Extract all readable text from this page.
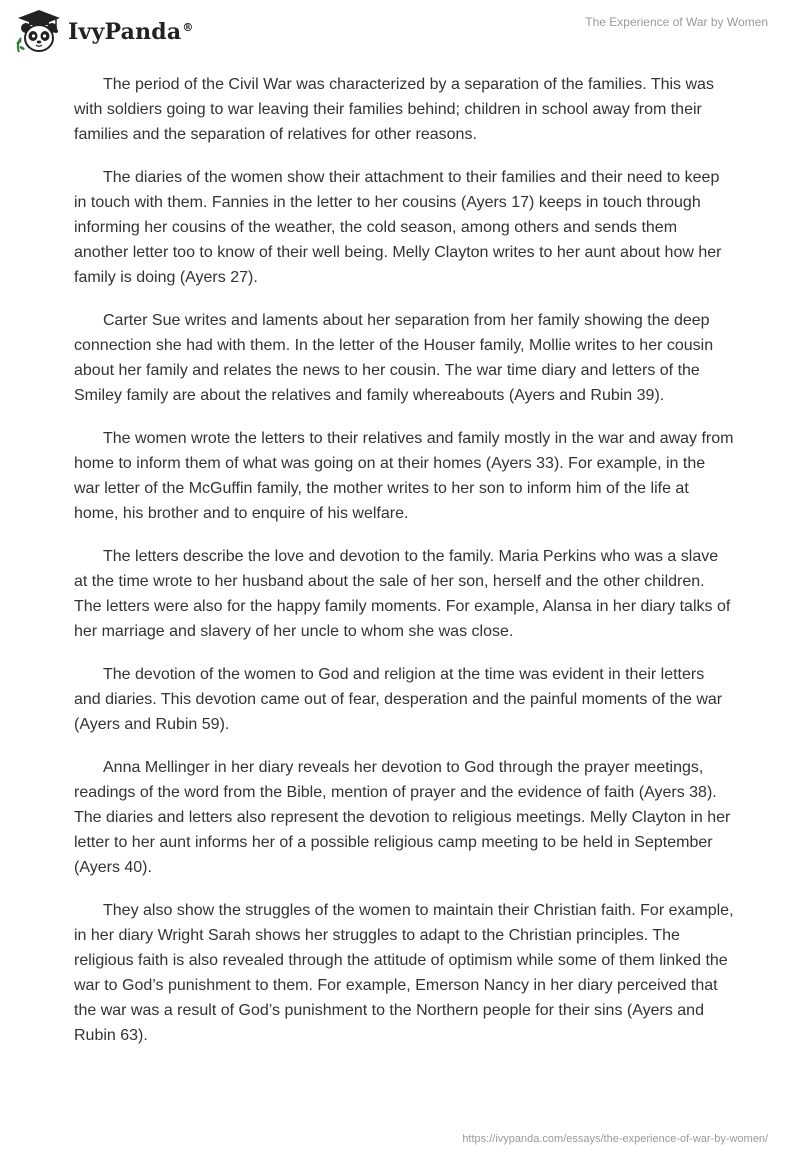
IvyPanda®	The Experience of War by Women

The period of the Civil War was characterized by a separation of the families. This was with soldiers going to war leaving their families behind; children in school away from their families and the separation of relatives for other reasons.

The diaries of the women show their attachment to their families and their need to keep in touch with them. Fannies in the letter to her cousins (Ayers 17) keeps in touch through informing her cousins of the weather, the cold season, among others and sends them another letter too to know of their well being. Melly Clayton writes to her aunt about how her family is doing (Ayers 27).

Carter Sue writes and laments about her separation from her family showing the deep connection she had with them. In the letter of the Houser family, Mollie writes to her cousin about her family and relates the news to her cousin. The war time diary and letters of the Smiley family are about the relatives and family whereabouts (Ayers and Rubin 39).

The women wrote the letters to their relatives and family mostly in the war and away from home to inform them of what was going on at their homes (Ayers 33). For example, in the war letter of the McGuffin family, the mother writes to her son to inform him of the life at home, his brother and to enquire of his welfare.

The letters describe the love and devotion to the family. Maria Perkins who was a slave at the time wrote to her husband about the sale of her son, herself and the other children. The letters were also for the happy family moments. For example, Alansa in her diary talks of her marriage and slavery of her uncle to whom she was close.

The devotion of the women to God and religion at the time was evident in their letters and diaries. This devotion came out of fear, desperation and the painful moments of the war (Ayers and Rubin 59).

Anna Mellinger in her diary reveals her devotion to God through the prayer meetings, readings of the word from the Bible, mention of prayer and the evidence of faith (Ayers 38). The diaries and letters also represent the devotion to religious meetings. Melly Clayton in her letter to her aunt informs her of a possible religious camp meeting to be held in September (Ayers 40).

They also show the struggles of the women to maintain their Christian faith. For example, in her diary Wright Sarah shows her struggles to adapt to the Christian principles. The religious faith is also revealed through the attitude of optimism while some of them linked the war to God’s punishment to them. For example, Emerson Nancy in her diary perceived that the war was a result of God’s punishment to the Northern people for their sins (Ayers and Rubin 63).

https://ivypanda.com/essays/the-experience-of-war-by-women/
